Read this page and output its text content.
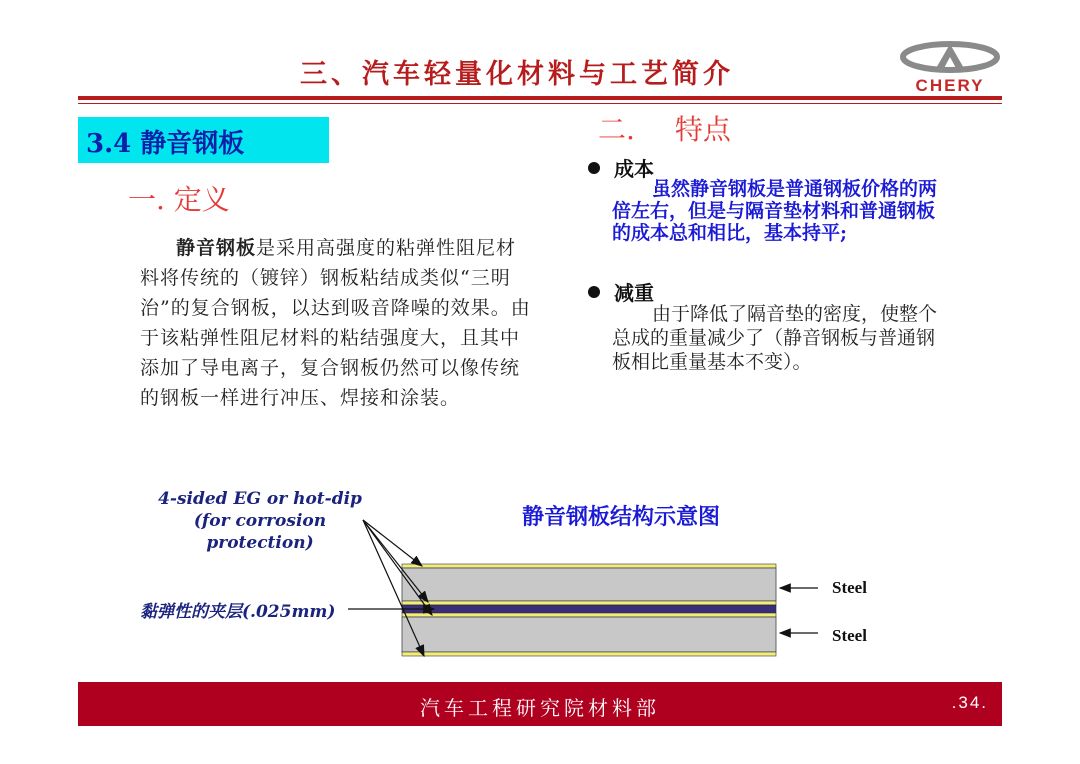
三、汽车轻量化材料与工艺简介	CHERY
3.4 静音钢板
一. 定义
静音钢板是采用高强度的粘弹性阻尼材料将传统的（镀锌）钢板粘结成类似“三明治”的复合钢板，以达到吸音降噪的效果。由于该粘弹性阻尼材料的粘结强度大，且其中添加了导电离子，复合钢板仍然可以像传统的钢板一样进行冲压、焊接和涂装。
二. 特点
成本
虽然静音钢板是普通钢板价格的两倍左右，但是与隔音垫材料和普通钢板的成本总和相比，基本持平;
减重
由于降低了隔音垫的密度，使整个总成的重量减少了（静音钢板与普通钢板相比重量基本不变）。
静音钢板结构示意图
4-sided EG or hot-dip (for corrosion protection)
黏弹性的夹层(.025mm)
Steel
Steel
汽车工程研究院材料部	.34.
